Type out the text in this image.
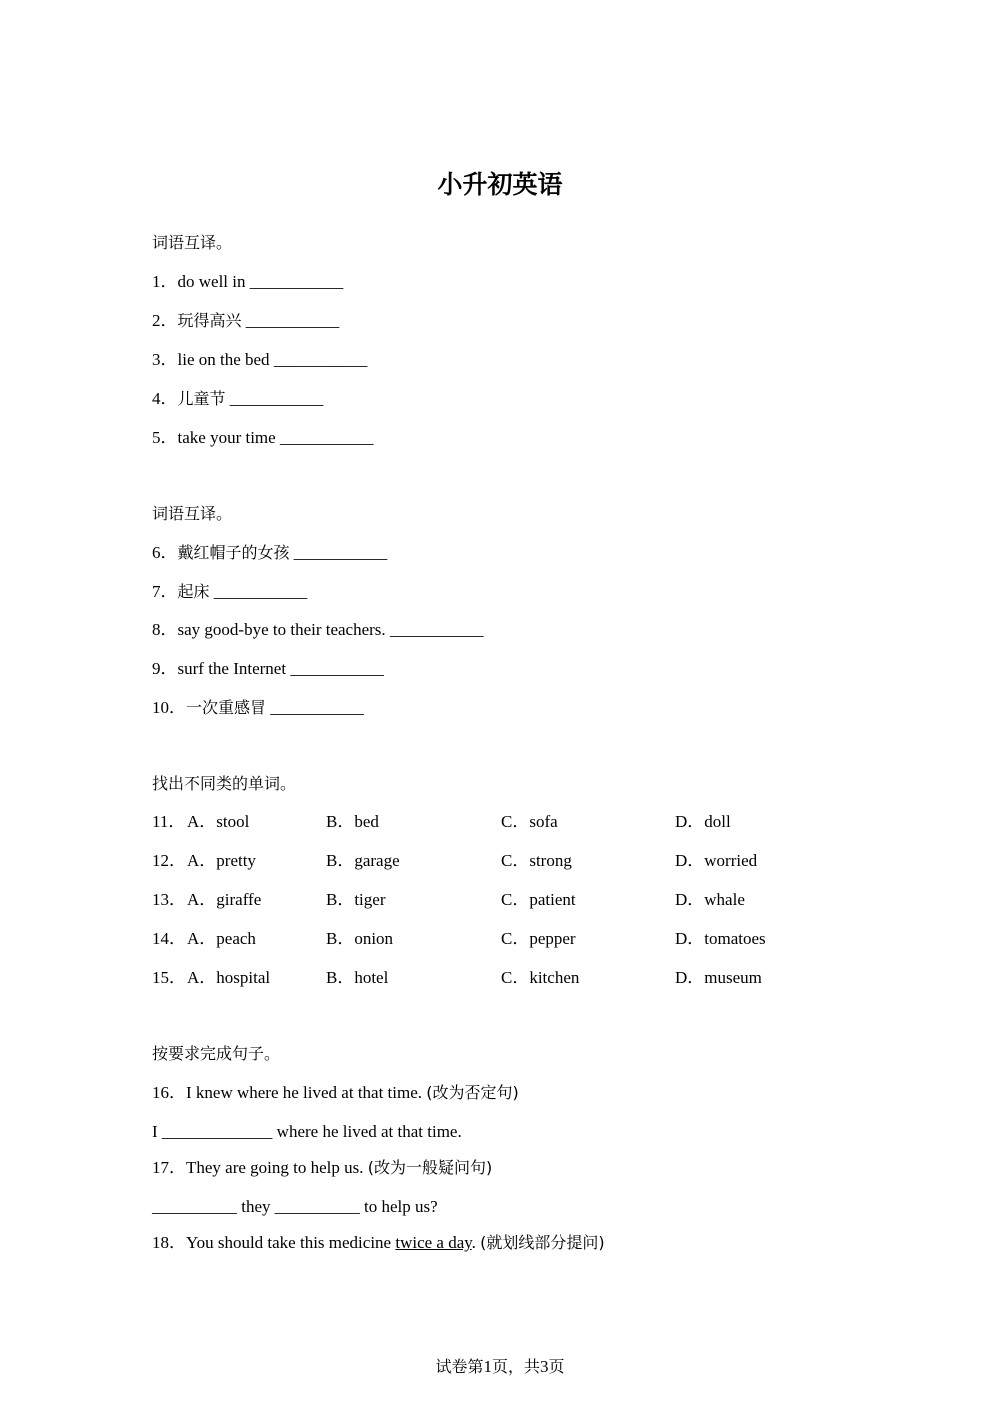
小升初英语
词语互译。
1．do well in ___________
2．玩得高兴 ___________
3．lie on the bed ___________
4．儿童节 ___________
5．take your time ___________
词语互译。
6．戴红帽子的女孩 ___________
7．起床 ___________
8．say good-bye to their teachers. ___________
9．surf the Internet ___________
10．一次重感冒 ___________
找出不同类的单词。
11． A．stool	B．bed	C．sofa	D．doll
12． A．pretty	B．garage	C．strong	D．worried
13． A．giraffe	B．tiger	C．patient	D．whale
14． A．peach	B．onion	C．pepper	D．tomatoes
15． A．hospital	B．hotel	C．kitchen	D．museum
按要求完成句子。
16．I knew where he lived at that time. (改为否定句)
I _____________ where he lived at that time.
17．They are going to help us. (改为一般疑问句)
__________ they __________ to help us?
18．You should take this medicine twice a day. (就划线部分提问)
试卷第1页，共3页
